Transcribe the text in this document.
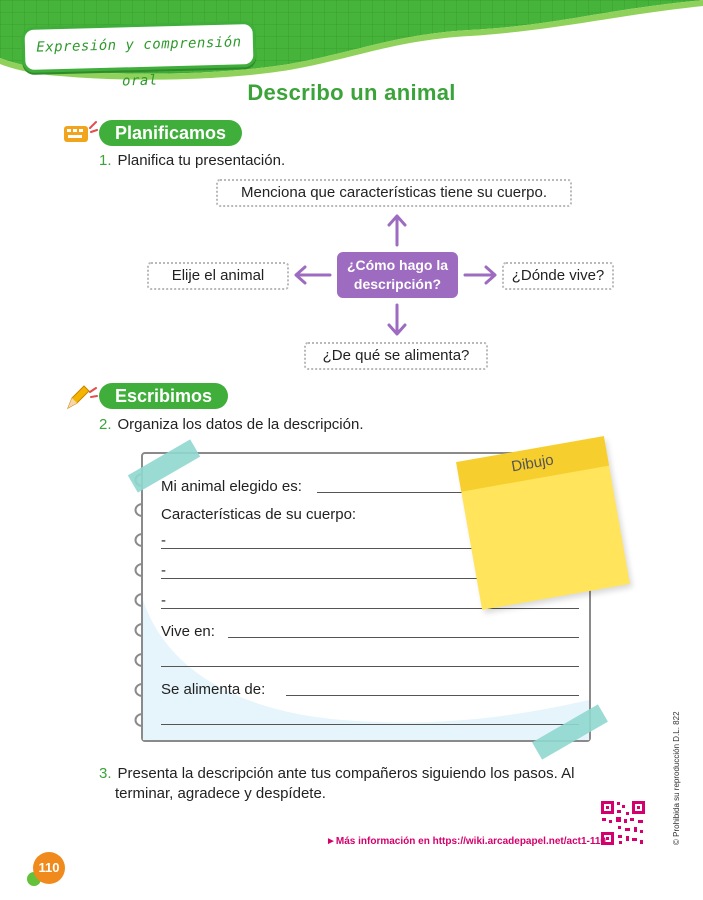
Expresión y comprensión oral	Describo un animal
Planificamos
1. Planifica tu presentación.
Menciona que características tiene su cuerpo.
Elije el animal	¿Dónde vive?
¿De qué se alimenta?
¿Cómo hago la
descripción?
Escribimos
2. Organiza los datos de la descripción.
Mi animal elegido es:
Características de su cuerpo:
-
-
-
Vive en:
Se alimenta de:
Dibujo
3. Presenta la descripción ante tus compañeros siguiendo los pasos. Al
terminar, agradece y despídete.
►Más información en https://wiki.arcadepapel.net/act1-110	© Prohibida su reproducción D.L. 822
110
